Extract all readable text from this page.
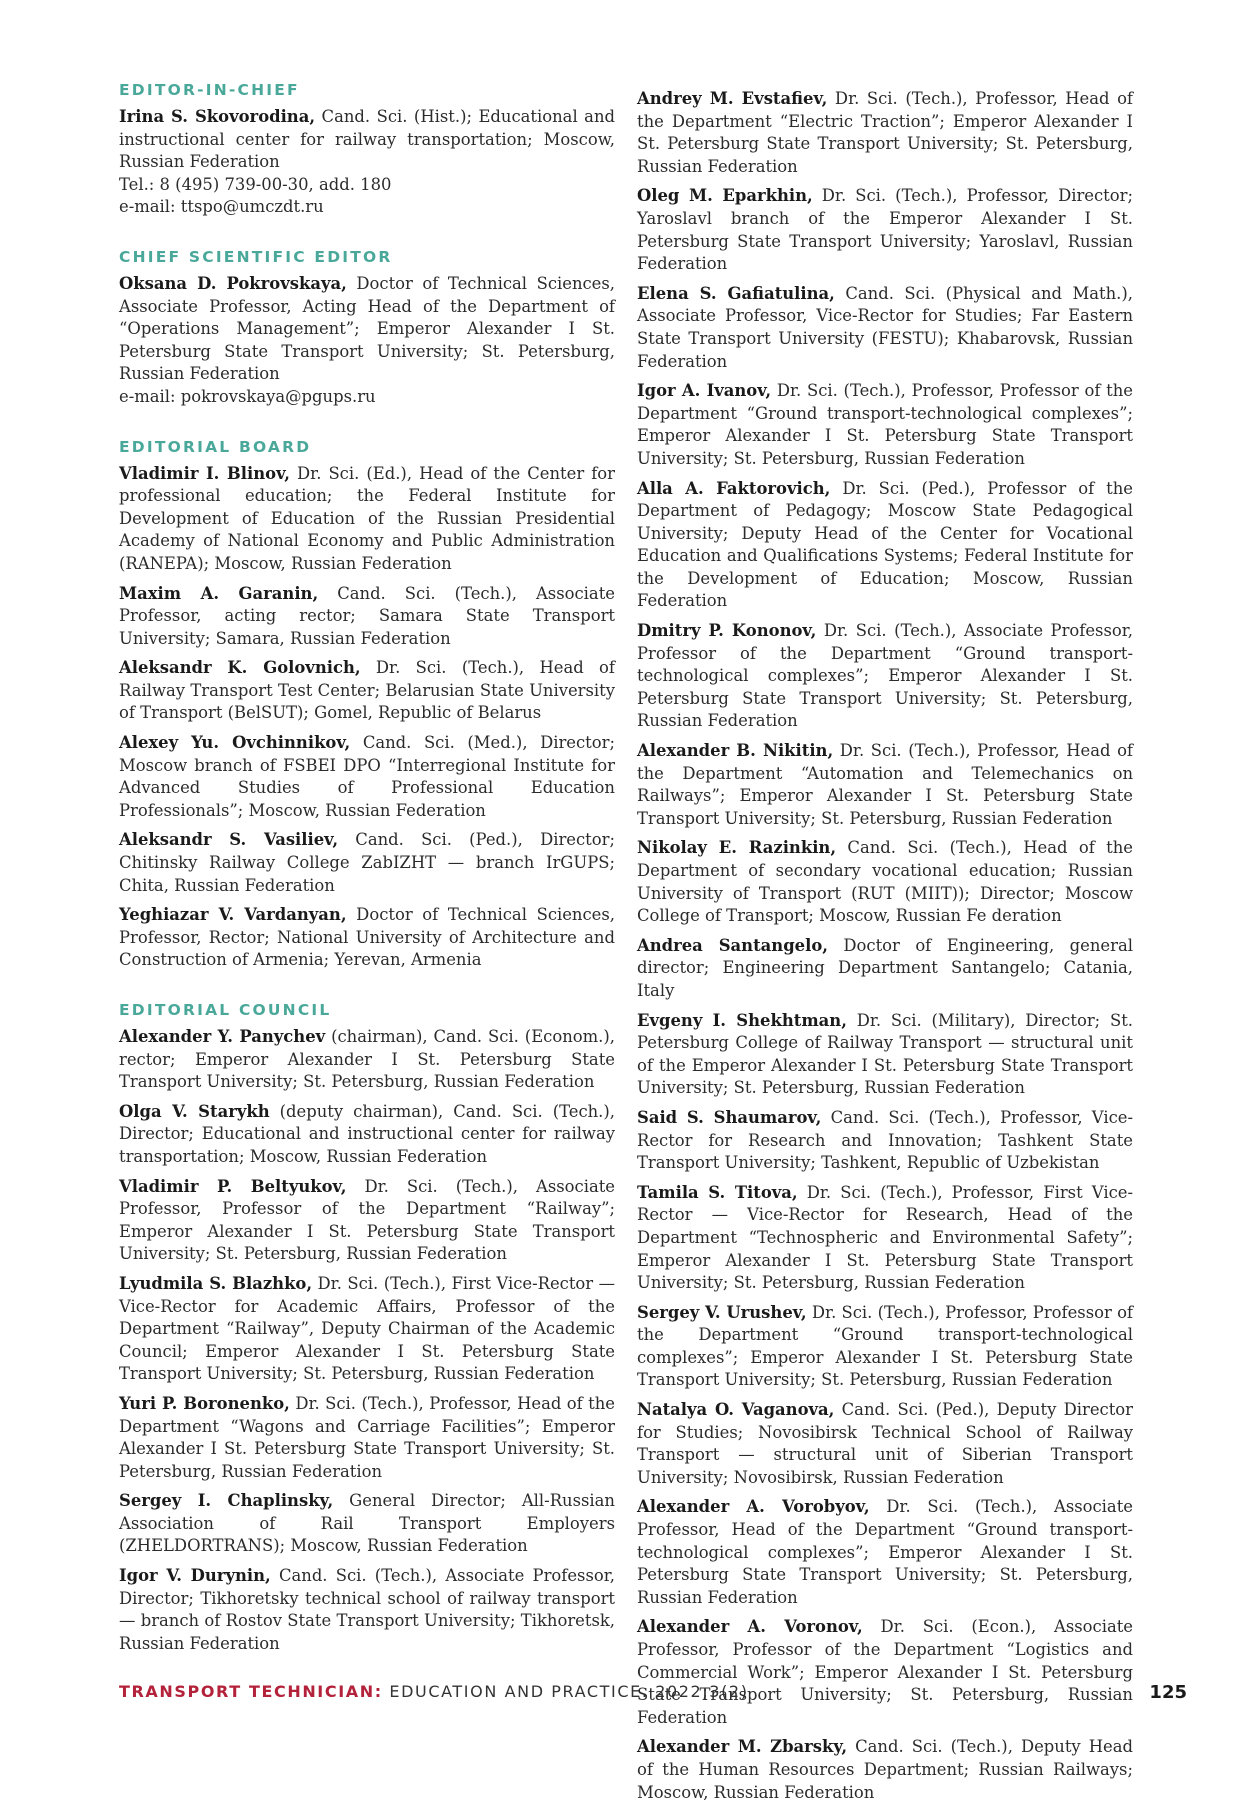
EDITOR-IN-CHIEF

Irina S. Skovorodina, Cand. Sci. (Hist.); Educational and instructional center for railway transportation; Moscow, Russian Federation

Tel.: 8 (495) 739-00-30, add. 180

e-mail: ttspo@umczdt.ru

CHIEF SCIENTIFIC EDITOR

Oksana D. Pokrovskaya, Doctor of Technical Sciences, Associate Professor, Acting Head of the Department of “Operations Management”; Emperor Alexander I St. Petersburg State Transport University; St. Petersburg, Russian Federation

e-mail: pokrovskaya@pgups.ru

EDITORIAL BOARD

Vladimir I. Blinov, Dr. Sci. (Ed.), Head of the Center for professional education; the Federal Institute for Development of Education of the Russian Presidential Academy of National Economy and Public Administration (RANEPA); Moscow, Russian Federation

Maxim A. Garanin, Cand. Sci. (Tech.), Associate Professor, acting rector; Samara State Transport University; Samara, Russian Federation

Aleksandr K. Golovnich, Dr. Sci. (Tech.), Head of Railway Transport Test Center; Belarusian State University of Transport (BelSUT); Gomel, Republic of Belarus

Alexey Yu. Ovchinnikov, Cand. Sci. (Med.), Director; Moscow branch of FSBEI DPO “Interregional Institute for Advanced Studies of Professional Education Professionals”; Moscow, Russian Federation

Aleksandr S. Vasiliev, Cand. Sci. (Ped.), Director; Chitinsky Railway College ZabIZHT — branch IrGUPS; Chita, Russian Federation

Yeghiazar V. Vardanyan, Doctor of Technical Sciences, Professor, Rector; National University of Architecture and Construction of Armenia; Yerevan, Armenia

EDITORIAL COUNCIL

Alexander Y. Panychev (chairman), Cand. Sci. (Econom.), rector; Emperor Alexander I St. Petersburg State Transport University; St. Petersburg, Russian Federation

Olga V. Starykh (deputy chairman), Cand. Sci. (Tech.), Director; Educational and instructional center for railway transportation; Moscow, Russian Federation

Vladimir P. Beltyukov, Dr. Sci. (Tech.), Associate Professor, Professor of the Department “Railway”; Emperor Alexander I St. Petersburg State Transport University; St. Petersburg, Russian Federation

Lyudmila S. Blazhko, Dr. Sci. (Tech.), First Vice-Rector — Vice-Rector for Academic Affairs, Professor of the Department “Railway”, Deputy Chairman of the Academic Council; Emperor Alexander I St. Petersburg State Transport University; St. Petersburg, Russian Federation

Yuri P. Boronenko, Dr. Sci. (Tech.), Professor, Head of the Department “Wagons and Carriage Facilities”; Emperor Alexander I St. Petersburg State Transport University; St. Petersburg, Russian Federation

Sergey I. Chaplinsky, General Director; All-Russian Association of Rail Transport Employers (ZHELDORTRANS); Moscow, Russian Federation

Igor V. Durynin, Cand. Sci. (Tech.), Associate Professor, Director; Tikhoretsky technical school of railway transport — branch of Rostov State Transport University; Tikhoretsk, Russian Federation

Andrey M. Evstafiev, Dr. Sci. (Tech.), Professor, Head of the Department “Electric Traction”; Emperor Alexander I St. Petersburg State Transport University; St. Petersburg, Russian Federation

Oleg M. Eparkhin, Dr. Sci. (Tech.), Professor, Director; Yaroslavl branch of the Emperor Alexander I St. Petersburg State Transport University; Yaroslavl, Russian Federation

Elena S. Gafiatulina, Cand. Sci. (Physical and Math.), Associate Professor, Vice-Rector for Studies; Far Eastern State Transport University (FESTU); Khabarovsk, Russian Federation

Igor A. Ivanov, Dr. Sci. (Tech.), Professor, Professor of the Department “Ground transport-technological complexes”; Emperor Alexander I St. Petersburg State Transport University; St. Petersburg, Russian Federation

Alla A. Faktorovich, Dr. Sci. (Ped.), Professor of the Department of Pedagogy; Moscow State Pedagogical University; Deputy Head of the Center for Vocational Education and Qualifications Systems; Federal Institute for the Development of Education; Moscow, Russian Federation

Dmitry P. Kononov, Dr. Sci. (Tech.), Associate Professor, Professor of the Department “Ground transport-technological complexes”; Emperor Alexander I St. Petersburg State Transport University; St. Petersburg, Russian Federation

Alexander B. Nikitin, Dr. Sci. (Tech.), Professor, Head of the Department “Automation and Telemechanics on Railways”; Emperor Alexander I St. Petersburg State Transport University; St. Petersburg, Russian Federation

Nikolay E. Razinkin, Cand. Sci. (Tech.), Head of the Department of secondary vocational education; Russian University of Transport (RUT (MIIT)); Director; Moscow College of Transport; Moscow, Russian Fe deration

Andrea Santangelo, Doctor of Engineering, general director; Engineering Department Santangelo; Catania, Italy

Evgeny I. Shekhtman, Dr. Sci. (Military), Director; St. Petersburg College of Railway Transport — structural unit of the Emperor Alexander I St. Petersburg State Transport University; St. Petersburg, Russian Federation

Said S. Shaumarov, Cand. Sci. (Tech.), Professor, Vice-Rector for Research and Innovation; Tashkent State Transport University; Tashkent, Republic of Uzbekistan

Tamila S. Titova, Dr. Sci. (Tech.), Professor, First Vice-Rector — Vice-Rector for Research, Head of the Department “Technospheric and Environmental Safety”; Emperor Alexander I St. Petersburg State Transport University; St. Petersburg, Russian Federation

Sergey V. Urushev, Dr. Sci. (Tech.), Professor, Professor of the Department “Ground transport-technological complexes”; Emperor Alexander I St. Petersburg State Transport University; St. Petersburg, Russian Federation

Natalya O. Vaganova, Cand. Sci. (Ped.), Deputy Director for Studies; Novosibirsk Technical School of Railway Transport — structural unit of Siberian Transport University; Novosibirsk, Russian Federation

Alexander A. Vorobyov, Dr. Sci. (Tech.), Associate Professor, Head of the Department “Ground transport-technological complexes”; Emperor Alexander I St. Petersburg State Transport University; St. Petersburg, Russian Federation

Alexander A. Voronov, Dr. Sci. (Econ.), Associate Professor, Professor of the Department “Logistics and Commercial Work”; Emperor Alexander I St. Petersburg State Transport University; St. Petersburg, Russian Federation

Alexander M. Zbarsky, Cand. Sci. (Tech.), Deputy Head of the Human Resources Department; Russian Railways; Moscow, Russian Federation

TRANSPORT TECHNICIAN: EDUCATION AND PRACTICE. 2022;3(2)	125
